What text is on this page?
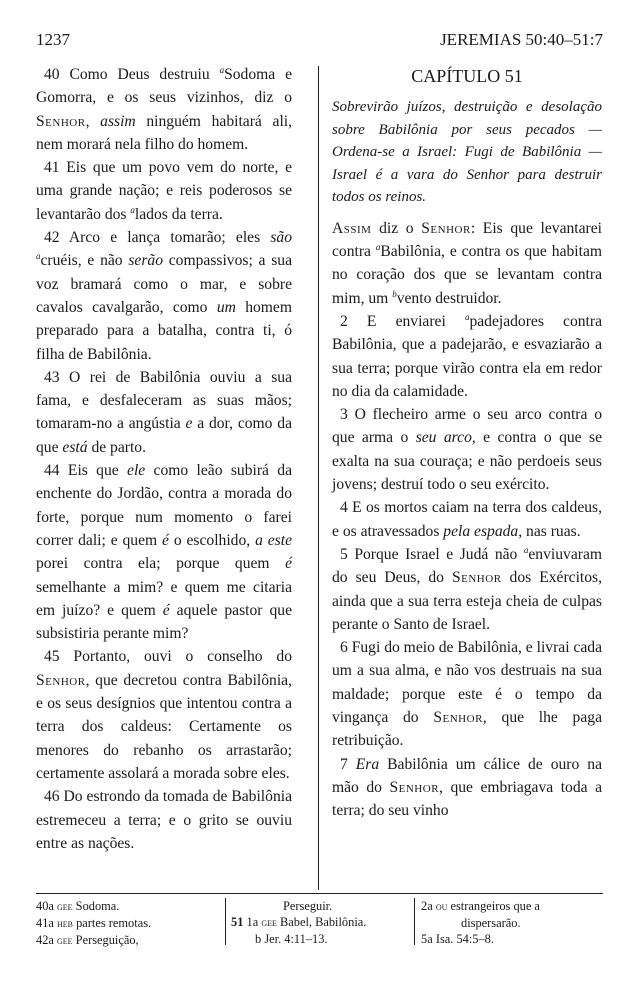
1237	JEREMIAS 50:40–51:7

40 Como Deus destruiu $^a$Sodoma e Gomorra, e os seus vizinhos, diz o Senhor, assim ninguém habitará ali, nem morará nela filho do homem.

41 Eis que um povo vem do norte, e uma grande nação; e reis poderosos se levantarão dos $^a$lados da terra.

42 Arco e lança tomarão; eles são $^a$cruéis, e não serão compassivos; a sua voz bramará como o mar, e sobre cavalos cavalgarão, como um homem preparado para a batalha, contra ti, ó filha de Babilônia.

43 O rei de Babilônia ouviu a sua fama, e desfaleceram as suas mãos; tomaram-no a angústia e a dor, como da que está de parto.

44 Eis que ele como leão subirá da enchente do Jordão, contra a morada do forte, porque num momento o farei correr dali; e quem é o escolhido, a este porei contra ela; porque quem é semelhante a mim? e quem me citaria em juízo? e quem é aquele pastor que subsistiria perante mim?

45 Portanto, ouvi o conselho do Senhor, que decretou contra Babilônia, e os seus desígnios que intentou contra a terra dos caldeus: Certamente os menores do rebanho os arrastarão; certamente assolará a morada sobre eles.

46 Do estrondo da tomada de Babilônia estremeceu a terra; e o grito se ouviu entre as nações.

CAPÍTULO 51

Sobrevirão juízos, destruição e desolação sobre Babilônia por seus pecados — Ordena-se a Israel: Fugi de Babilônia — Israel é a vara do Senhor para destruir todos os reinos.

Assim diz o Senhor: Eis que levantarei contra $^a$Babilônia, e contra os que habitam no coração dos que se levantam contra mim, um $^b$vento destruidor.

2 E enviarei $^a$padejadores contra Babilônia, que a padejarão, e esvaziarão a sua terra; porque virão contra ela em redor no dia da calamidade.

3 O flecheiro arme o seu arco contra o que arma o seu arco, e contra o que se exalta na sua couraça; e não perdoeis seus jovens; destruí todo o seu exército.

4 E os mortos caiam na terra dos caldeus, e os atravessados pela espada, nas ruas.

5 Porque Israel e Judá não $^a$enviuvaram do seu Deus, do Senhor dos Exércitos, ainda que a sua terra esteja cheia de culpas perante o Santo de Israel.

6 Fugi do meio de Babilônia, e livrai cada um a sua alma, e não vos destruais na sua maldade; porque este é o tempo da vingança do Senhor, que lhe paga retribuição.

7 Era Babilônia um cálice de ouro na mão do Senhor, que embriagava toda a terra; do seu vinho

40a gee Sodoma.
41a heb partes remotas.
42a gee Perseguição,
Perseguir.
51 1a gee Babel, Babilônia.
b Jer. 4:11–13.
2a ou estrangeiros que a
dispersarão.
5a Isa. 54:5–8.
